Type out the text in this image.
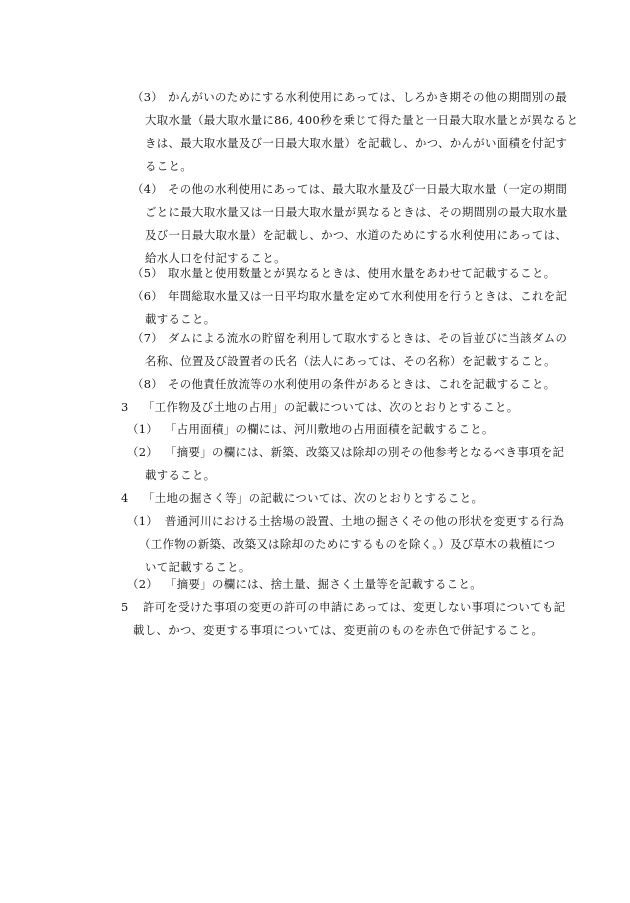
（3） かんがいのためにする水利使用にあっては、しろかき期その他の期間別の最
大取水量（最大取水量に86, 400秒を乗じて得た量と一日最大取水量とが異なると
きは、最大取水量及び一日最大取水量）を記載し、かつ、かんがい面積を付記す
ること。
（4） その他の水利使用にあっては、最大取水量及び一日最大取水量（一定の期間
ごとに最大取水量又は一日最大取水量が異なるときは、その期間別の最大取水量
及び一日最大取水量）を記載し、かつ、水道のためにする水利使用にあっては、
給水人口を付記すること。
（5） 取水量と使用数量とが異なるときは、使用水量をあわせて記載すること。
（6） 年間総取水量又は一日平均取水量を定めて水利使用を行うときは、これを記
載すること。
（7） ダムによる流水の貯留を利用して取水するときは、その旨並びに当該ダムの
名称、位置及び設置者の氏名（法人にあっては、その名称）を記載すること。
（8） その他責任放流等の水利使用の条件があるときは、これを記載すること。
3 「工作物及び土地の占用」の記載については、次のとおりとすること。
（1） 「占用面積」の欄には、河川敷地の占用面積を記載すること。
（2） 「摘要」の欄には、新築、改築又は除却の別その他参考となるべき事項を記
載すること。
4 「土地の掘さく等」の記載については、次のとおりとすること。
（1） 普通河川における土捨場の設置、土地の掘さくその他の形状を変更する行為
（工作物の新築、改築又は除却のためにするものを除く。）及び草木の栽植につ
いて記載すること。
（2） 「摘要」の欄には、捨土量、掘さく土量等を記載すること。
5 許可を受けた事項の変更の許可の申請にあっては、変更しない事項についても記
載し、かつ、変更する事項については、変更前のものを赤色で併記すること。
